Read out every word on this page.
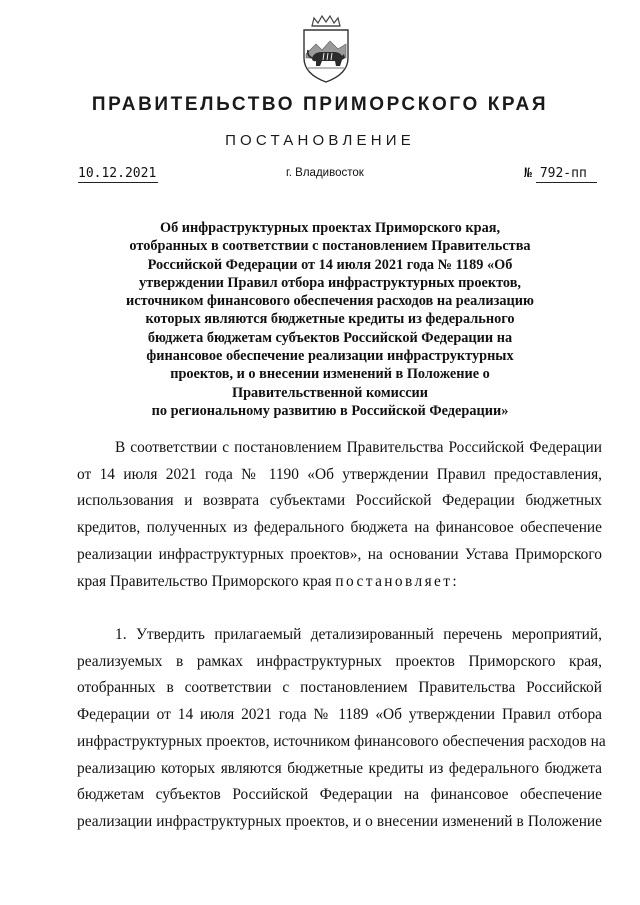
ПРАВИТЕЛЬСТВО ПРИМОРСКОГО КРАЯ
ПОСТАНОВЛЕНИЕ
10.12.2021	г. Владивосток	№ 792-пп
Об инфраструктурных проектах Приморского края,
отобранных в соответствии с постановлением Правительства
Российской Федерации от 14 июля 2021 года № 1189 «Об
утверждении Правил отбора инфраструктурных проектов,
источником финансового обеспечения расходов на реализацию
которых являются бюджетные кредиты из федерального
бюджета бюджетам субъектов Российской Федерации на
финансовое обеспечение реализации инфраструктурных
проектов, и о внесении изменений в Положение о
Правительственной комиссии
по региональному развитию в Российской Федерации»
В соответствии с постановлением Правительства Российской Федерации
от 14 июля 2021 года № 1190 «Об утверждении Правил предоставления,
использования и возврата субъектами Российской Федерации бюджетных
кредитов, полученных из федерального бюджета на финансовое обеспечение
реализации инфраструктурных проектов», на основании Устава Приморского
края Правительство Приморского края постановляет:
1. Утвердить прилагаемый детализированный перечень мероприятий,
реализуемых в рамках инфраструктурных проектов Приморского края,
отобранных в соответствии с постановлением Правительства Российской
Федерации от 14 июля 2021 года № 1189 «Об утверждении Правил отбора
инфраструктурных проектов, источником финансового обеспечения расходов на
реализацию которых являются бюджетные кредиты из федерального бюджета
бюджетам субъектов Российской Федерации на финансовое обеспечение
реализации инфраструктурных проектов, и о внесении изменений в Положение
